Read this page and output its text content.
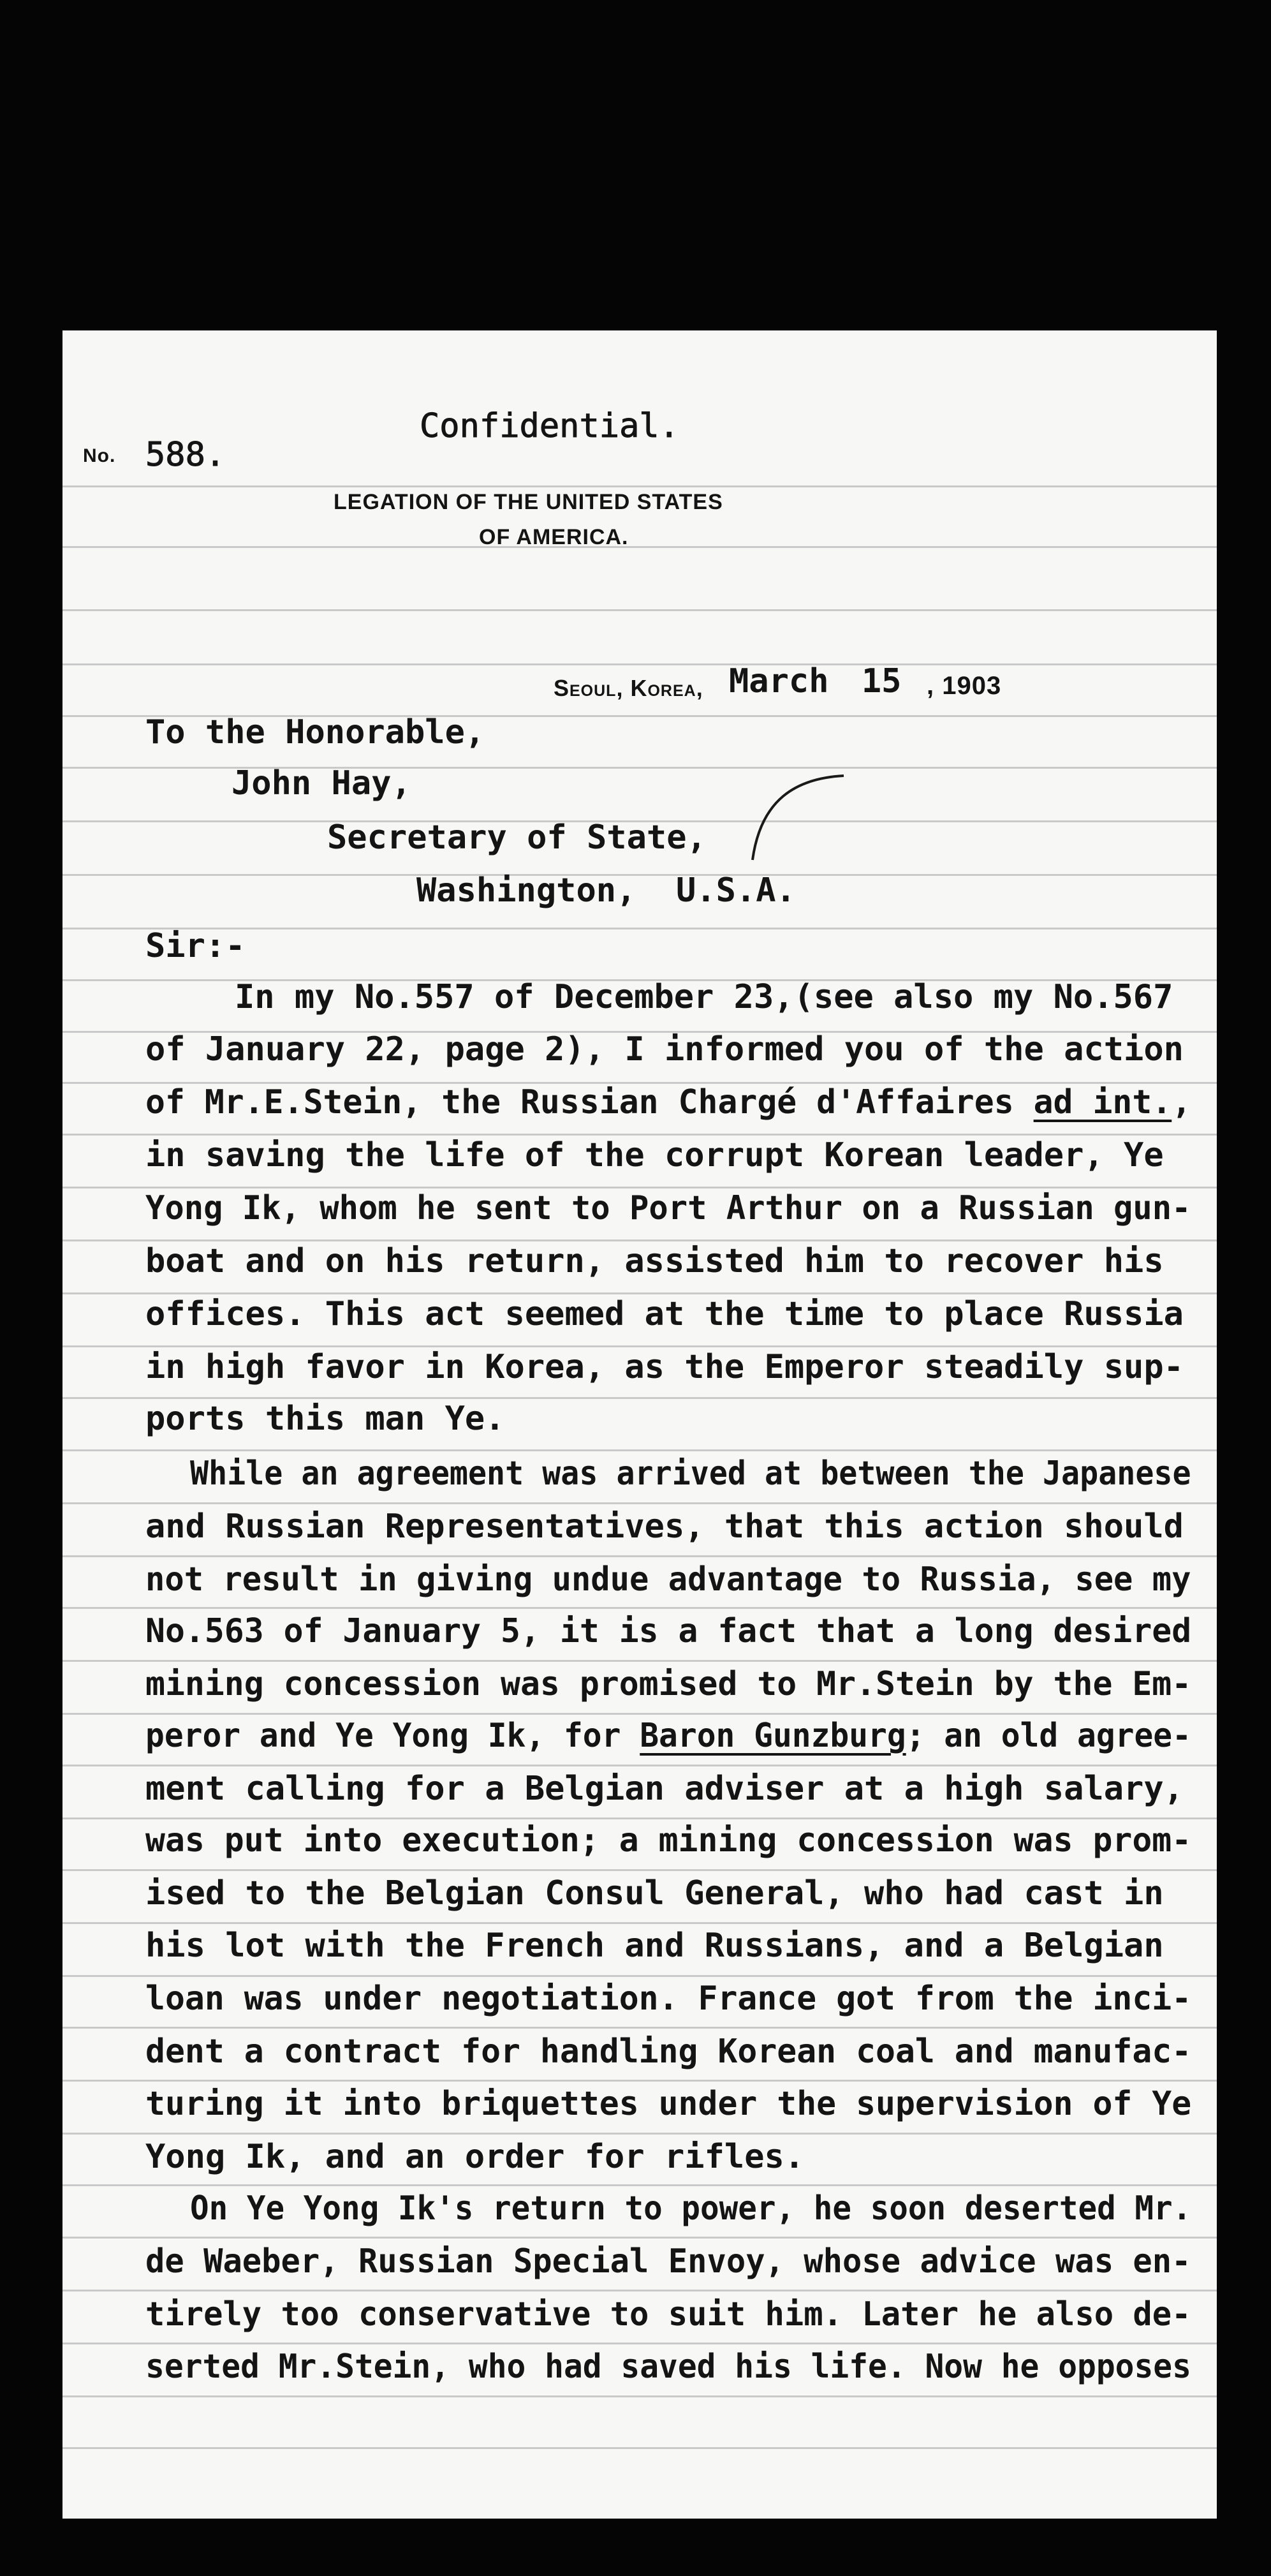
Confidential.
No. 588.
LEGATION OF THE UNITED STATES
OF AMERICA.
Seoul, Korea, March 15 , 1903
To the Honorable,
John Hay,
Secretary of State,
Washington,  U.S.A.
Sir:-
In my No.557 of December 23,(see also my No.567
of January 22, page 2), I informed you of the action
of Mr.E.Stein, the Russian Chargé d'Affaires ad int.,
in saving the life of the corrupt Korean leader, Ye
Yong Ik, whom he sent to Port Arthur on a Russian gun-
boat and on his return, assisted him to recover his
offices. This act seemed at the time to place Russia
in high favor in Korea, as the Emperor steadily sup-
ports this man Ye.
While an agreement was arrived at between the Japanese
and Russian Representatives, that this action should
not result in giving undue advantage to Russia, see my
No.563 of January 5, it is a fact that a long desired
mining concession was promised to Mr.Stein by the Em-
peror and Ye Yong Ik, for Baron Gunzburg; an old agree-
ment calling for a Belgian adviser at a high salary,
was put into execution; a mining concession was prom-
ised to the Belgian Consul General, who had cast in
his lot with the French and Russians, and a Belgian
loan was under negotiation. France got from the inci-
dent a contract for handling Korean coal and manufac-
turing it into briquettes under the supervision of Ye
Yong Ik, and an order for rifles.
On Ye Yong Ik's return to power, he soon deserted Mr.
de Waeber, Russian Special Envoy, whose advice was en-
tirely too conservative to suit him. Later he also de-
serted Mr.Stein, who had saved his life. Now he opposes
